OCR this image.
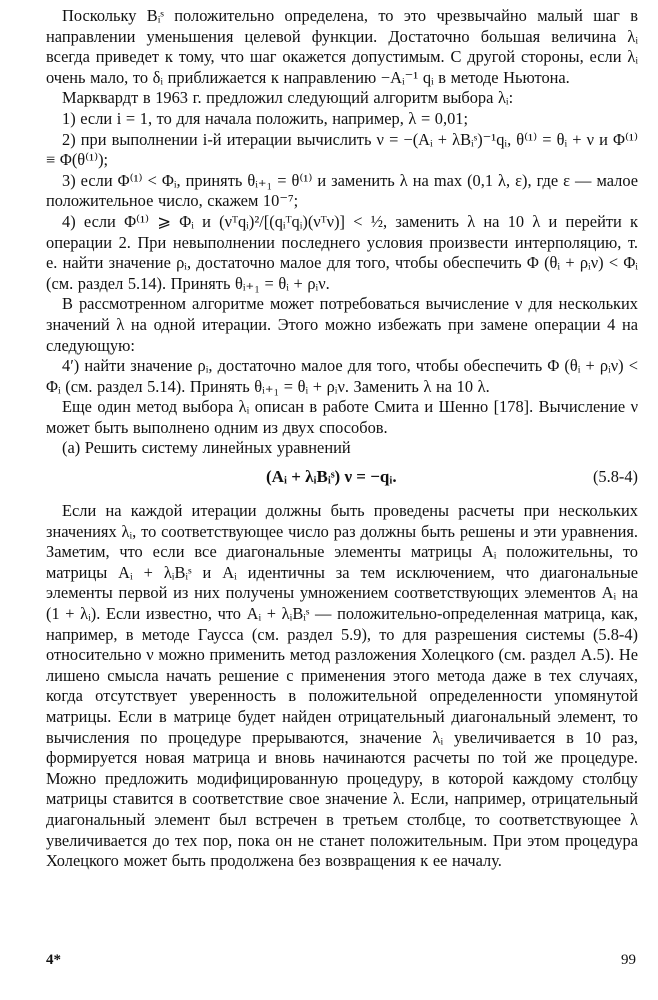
Поскольку Bᵢˢ положительно определена, то это чрезвычайно малый шаг в направлении уменьшения целевой функции. Достаточно большая величина λᵢ всегда приведет к тому, что шаг окажется допустимым. С другой стороны, если λᵢ очень мало, то δᵢ приближается к направлению −Aᵢ⁻¹ qᵢ в методе Ньютона.

Марквардт в 1963 г. предложил следующий алгоритм выбора λᵢ:

1) если i = 1, то для начала положить, например, λ = 0,01;

2) при выполнении i-й итерации вычислить ν = −(Aᵢ + λBᵢˢ)⁻¹qᵢ, θ⁽¹⁾ = θᵢ + ν и Φ⁽¹⁾ ≡ Φ(θ⁽¹⁾);

3) если Φ⁽¹⁾ < Φᵢ, принять θᵢ₊₁ = θ⁽¹⁾ и заменить λ на max (0,1 λ, ε), где ε — малое положительное число, скажем 10⁻⁷;

4) если Φ⁽¹⁾ ⩾ Φᵢ и (νᵀqᵢ)²/[(qᵢᵀqᵢ)(νᵀν)] < ½, заменить λ на 10 λ и перейти к операции 2. При невыполнении последнего условия произвести интерполяцию, т. е. найти значение ρᵢ, достаточно малое для того, чтобы обеспечить Φ (θᵢ + ρᵢν) < Φᵢ (см. раздел 5.14). Принять θᵢ₊₁ = θᵢ + ρᵢν.

В рассмотренном алгоритме может потребоваться вычисление ν для нескольких значений λ на одной итерации. Этого можно избежать при замене операции 4 на следующую:

4′) найти значение ρᵢ, достаточно малое для того, чтобы обеспечить Φ (θᵢ + ρᵢν) < Φᵢ (см. раздел 5.14). Принять θᵢ₊₁ = θᵢ + ρᵢν. Заменить λ на 10 λ.

Еще один метод выбора λᵢ описан в работе Смита и Шенно [178]. Вычисление ν может быть выполнено одним из двух способов.

(а) Решить систему линейных уравнений

(Aᵢ + λᵢBᵢˢ) ν = −qᵢ.	(5.8-4)

Если на каждой итерации должны быть проведены расчеты при нескольких значениях λᵢ, то соответствующее число раз должны быть решены и эти уравнения. Заметим, что если все диагональные элементы матрицы Aᵢ положительны, то матрицы Aᵢ + λᵢBᵢˢ и Aᵢ идентичны за тем исключением, что диагональные элементы первой из них получены умножением соответствующих элементов Aᵢ на (1 + λᵢ). Если известно, что Aᵢ + λᵢBᵢˢ — положительно-определенная матрица, как, например, в методе Гаусса (см. раздел 5.9), то для разрешения системы (5.8-4) относительно ν можно применить метод разложения Холецкого (см. раздел А.5). Не лишено смысла начать решение с применения этого метода даже в тех случаях, когда отсутствует уверенность в положительной определенности упомянутой матрицы. Если в матрице будет найден отрицательный диагональный элемент, то вычисления по процедуре прерываются, значение λᵢ увеличивается в 10 раз, формируется новая матрица и вновь начинаются расчеты по той же процедуре. Можно предложить модифицированную процедуру, в которой каждому столбцу матрицы ставится в соответствие свое значение λ. Если, например, отрицательный диагональный элемент был встречен в третьем столбце, то соответствующее λ увеличивается до тех пор, пока он не станет положительным. При этом процедура Холецкого может быть продолжена без возвращения к ее началу.

4*	99
